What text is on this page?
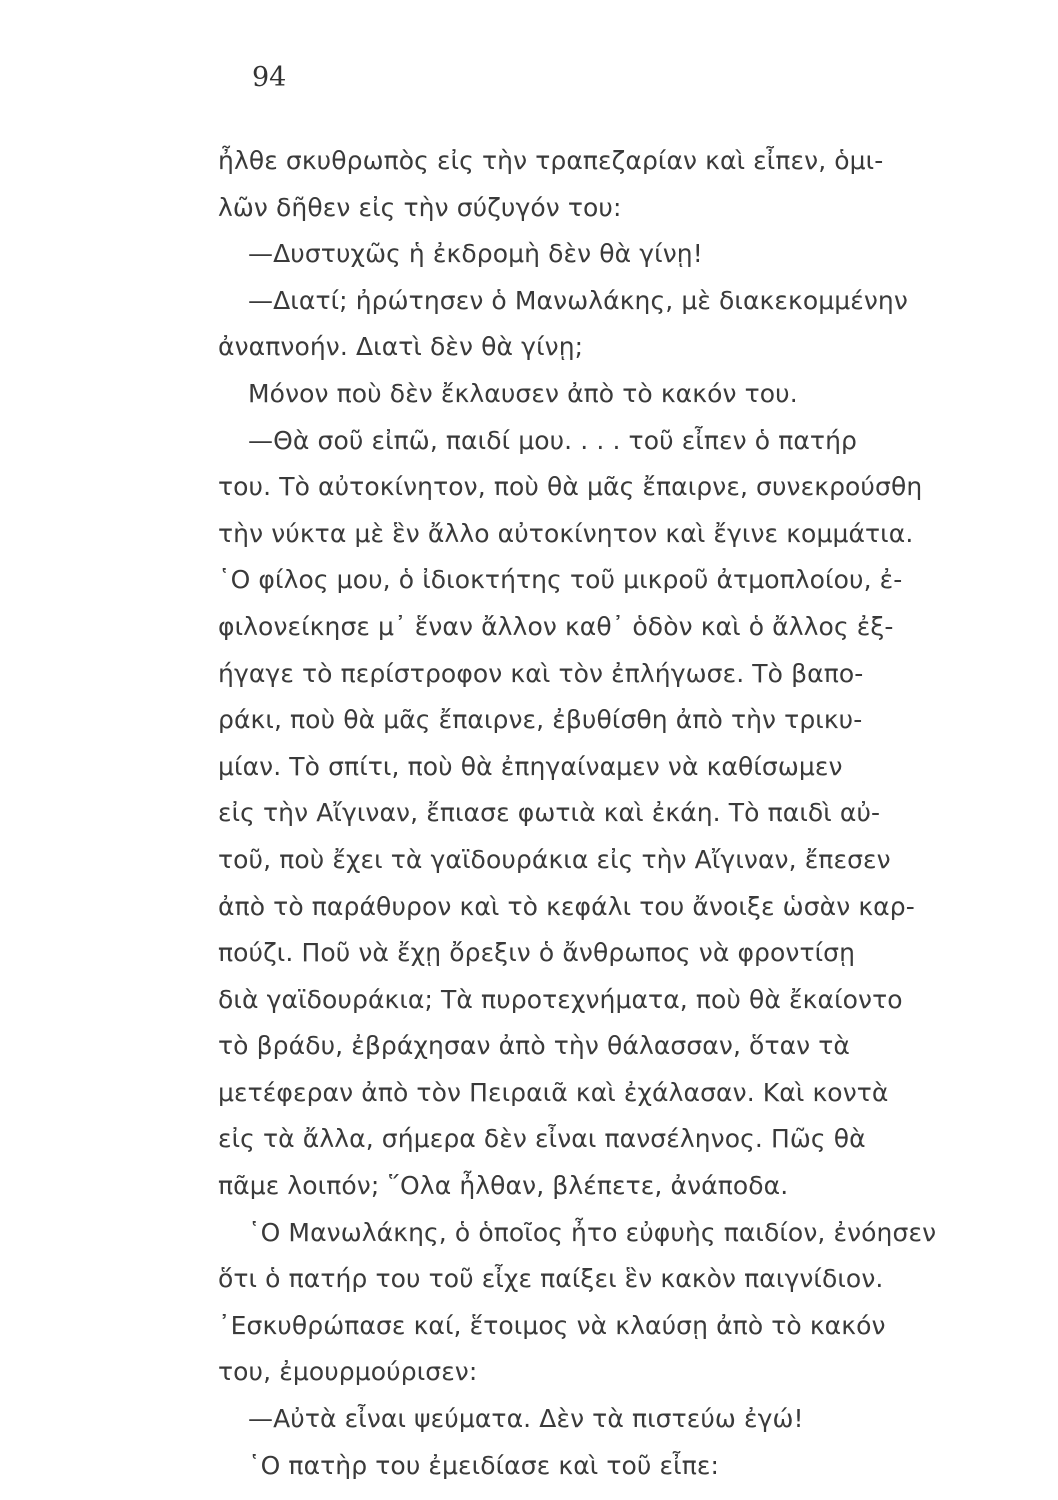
94
ἦλθε σκυθρωπὸς εἰς τὴν τραπεζαρίαν καὶ εἶπεν, ὁμι-
λῶν δῆθεν εἰς τὴν σύζυγόν του:
—Δυστυχῶς ἡ ἐκδρομὴ δὲν θὰ γίνῃ!
—Διατί; ἠρώτησεν ὁ Μανωλάκης, μὲ διακεκομμένην
ἀναπνοήν. Διατὶ δὲν θὰ γίνῃ;
Μόνον ποὺ δὲν ἔκλαυσεν ἀπὸ τὸ κακόν του.
—Θὰ σοῦ εἰπῶ, παιδί μου. . . . τοῦ εἶπεν ὁ πατήρ
του. Τὸ αὐτοκίνητον, ποὺ θὰ μᾶς ἔπαιρνε, συνεκρούσθη
τὴν νύκτα μὲ ἓν ἄλλο αὐτοκίνητον καὶ ἔγινε κομμάτια.
῾Ο φίλος μου, ὁ ἰδιοκτήτης τοῦ μικροῦ ἀτμοπλοίου, ἐ-
φιλονείκησε μ᾽ ἕναν ἄλλον καθ᾽ ὁδὸν καὶ ὁ ἄλλος ἐξ-
ήγαγε τὸ περίστροφον καὶ τὸν ἐπλήγωσε. Τὸ βαπο-
ράκι, ποὺ θὰ μᾶς ἔπαιρνε, ἐβυθίσθη ἀπὸ τὴν τρικυ-
μίαν. Τὸ σπίτι, ποὺ θὰ ἐπηγαίναμεν νὰ καθίσωμεν
εἰς τὴν Αἴγιναν, ἔπιασε φωτιὰ καὶ ἐκάη. Τὸ παιδὶ αὐ-
τοῦ, ποὺ ἔχει τὰ γαϊδουράκια εἰς τὴν Αἴγιναν, ἔπεσεν
ἀπὸ τὸ παράθυρον καὶ τὸ κεφάλι του ἄνοιξε ὡσὰν καρ-
πούζι. Ποῦ νὰ ἔχῃ ὄρεξιν ὁ ἄνθρωπος νὰ φροντίσῃ
διὰ γαϊδουράκια; Τὰ πυροτεχνήματα, ποὺ θὰ ἔκαίοντο
τὸ βράδυ, ἐβράχησαν ἀπὸ τὴν θάλασσαν, ὅταν τὰ
μετέφεραν ἀπὸ τὸν Πειραιᾶ καὶ ἐχάλασαν. Καὶ κοντὰ
εἰς τὰ ἄλλα, σήμερα δὲν εἶναι πανσέληνος. Πῶς θὰ
πᾶμε λοιπόν; ῞Ολα ἦλθαν, βλέπετε, ἀνάποδα.
῾Ο Μανωλάκης, ὁ ὁποῖος ἦτο εὐφυὴς παιδίον, ἐνόησεν
ὅτι ὁ πατήρ του τοῦ εἶχε παίξει ἓν κακὸν παιγνίδιον.
᾽Εσκυθρώπασε καί, ἕτοιμος νὰ κλαύσῃ ἀπὸ τὸ κακόν
του, ἐμουρμούρισεν:
—Αὐτὰ εἶναι ψεύματα. Δὲν τὰ πιστεύω ἐγώ!
῾Ο πατὴρ του ἐμειδίασε καὶ τοῦ εἶπε:
